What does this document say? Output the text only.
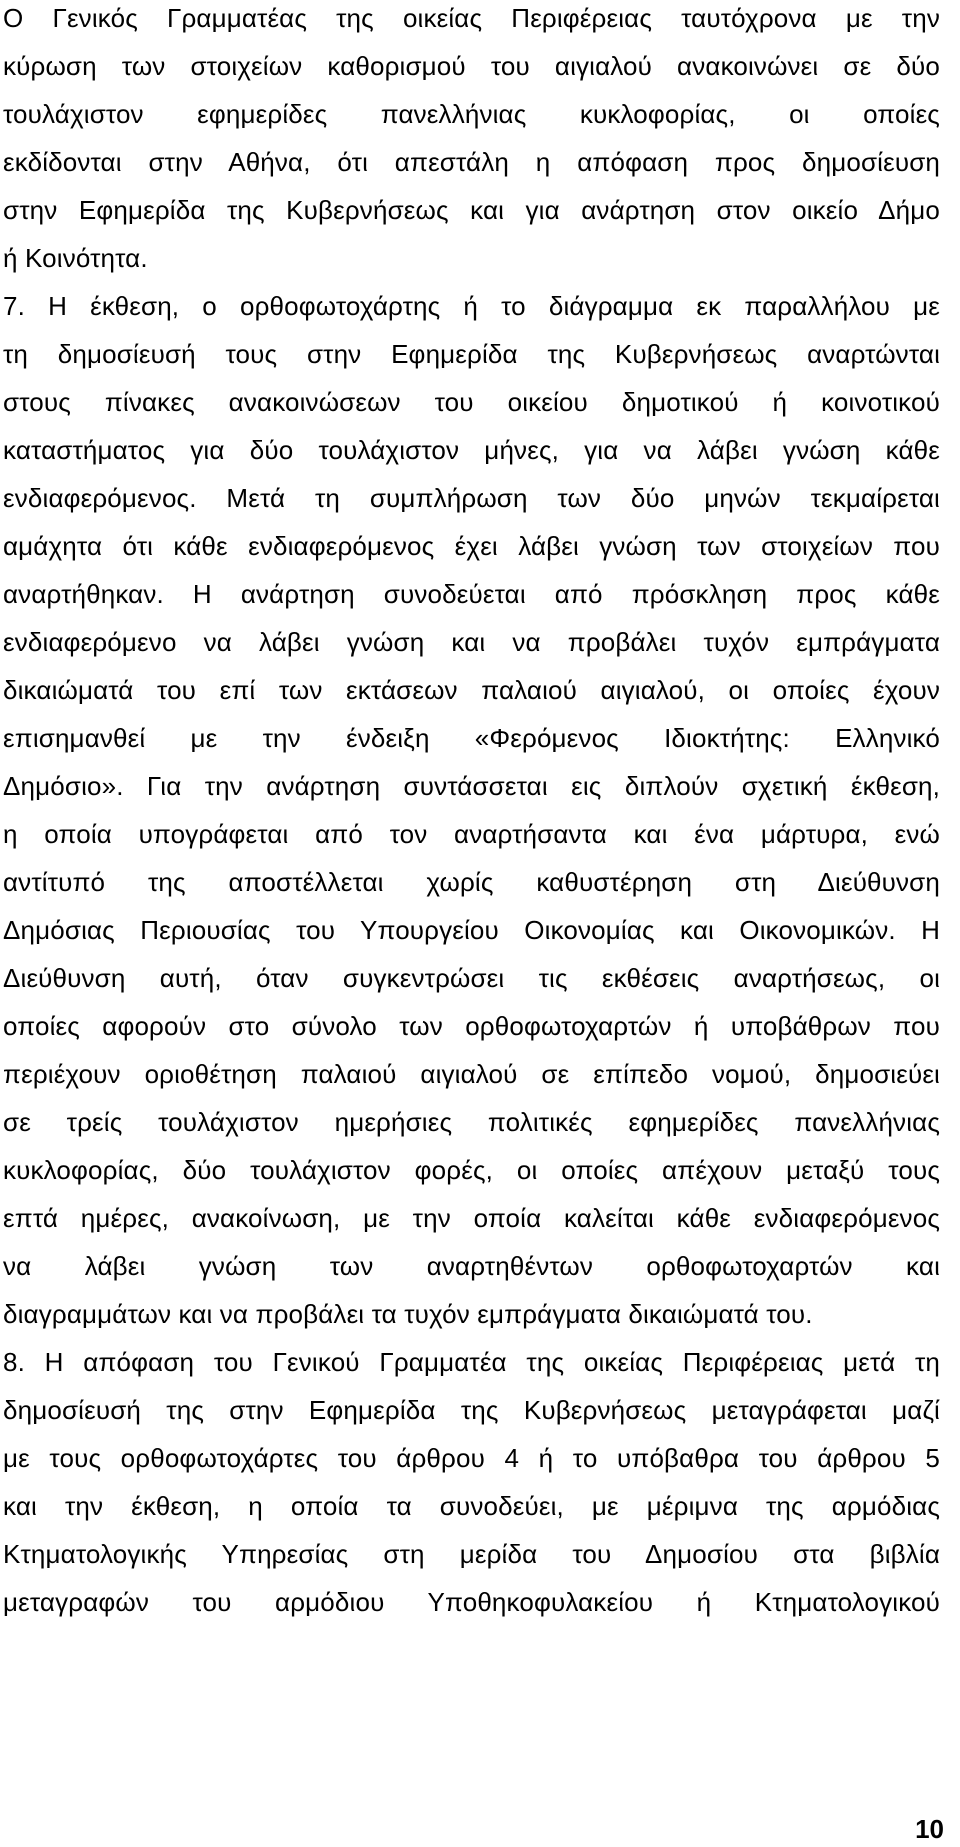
Ο Γενικός Γραμματέας της οικείας Περιφέρειας ταυτόχρονα με την
κύρωση των στοιχείων καθορισμού του αιγιαλού ανακοινώνει σε δύο
τουλάχιστον εφημερίδες πανελλήνιας κυκλοφορίας, οι οποίες
εκδίδονται στην Αθήνα, ότι απεστάλη η απόφαση προς δημοσίευση
στην Εφημερίδα της Κυβερνήσεως και για ανάρτηση στον οικείο Δήμο
ή Κοινότητα.
7. Η έκθεση, ο ορθοφωτοχάρτης ή το διάγραμμα εκ παραλλήλου με
τη δημοσίευσή τους στην Εφημερίδα της Κυβερνήσεως αναρτώνται
στους πίνακες ανακοινώσεων του οικείου δημοτικού ή κοινοτικού
καταστήματος για δύο τουλάχιστον μήνες, για να λάβει γνώση κάθε
ενδιαφερόμενος. Μετά τη συμπλήρωση των δύο μηνών τεκμαίρεται
αμάχητα ότι κάθε ενδιαφερόμενος έχει λάβει γνώση των στοιχείων που
αναρτήθηκαν. Η ανάρτηση συνοδεύεται από πρόσκληση προς κάθε
ενδιαφερόμενο να λάβει γνώση και να προβάλει τυχόν εμπράγματα
δικαιώματά του επί των εκτάσεων παλαιού αιγιαλού, οι οποίες έχουν
επισημανθεί με την ένδειξη «Φερόμενος Ιδιοκτήτης: Ελληνικό
Δημόσιο». Για την ανάρτηση συντάσσεται εις διπλούν σχετική έκθεση,
η οποία υπογράφεται από τον αναρτήσαντα και ένα μάρτυρα, ενώ
αντίτυπό της αποστέλλεται χωρίς καθυστέρηση στη Διεύθυνση
Δημόσιας Περιουσίας του Υπουργείου Οικονομίας και Οικονομικών. Η
Διεύθυνση αυτή, όταν συγκεντρώσει τις εκθέσεις αναρτήσεως, οι
οποίες αφορούν στο σύνολο των ορθοφωτοχαρτών ή υποβάθρων που
περιέχουν οριοθέτηση παλαιού αιγιαλού σε επίπεδο νομού, δημοσιεύει
σε τρείς τουλάχιστον ημερήσιες πολιτικές εφημερίδες πανελλήνιας
κυκλοφορίας, δύο τουλάχιστον φορές, οι οποίες απέχουν μεταξύ τους
επτά ημέρες, ανακοίνωση, με την οποία καλείται κάθε ενδιαφερόμενος
να λάβει γνώση των αναρτηθέντων ορθοφωτοχαρτών και
διαγραμμάτων και να προβάλει τα τυχόν εμπράγματα δικαιώματά του.
8. Η απόφαση του Γενικού Γραμματέα της οικείας Περιφέρειας μετά τη
δημοσίευσή της στην Εφημερίδα της Κυβερνήσεως μεταγράφεται μαζί
με τους ορθοφωτοχάρτες του άρθρου 4 ή το υπόβαθρα του άρθρου 5
και την έκθεση, η οποία τα συνοδεύει, με μέριμνα της αρμόδιας
Κτηματολογικής Υπηρεσίας στη μερίδα του Δημοσίου στα βιβλία
μεταγραφών του αρμόδιου Υποθηκοφυλακείου ή Κτηματολογικού
10
